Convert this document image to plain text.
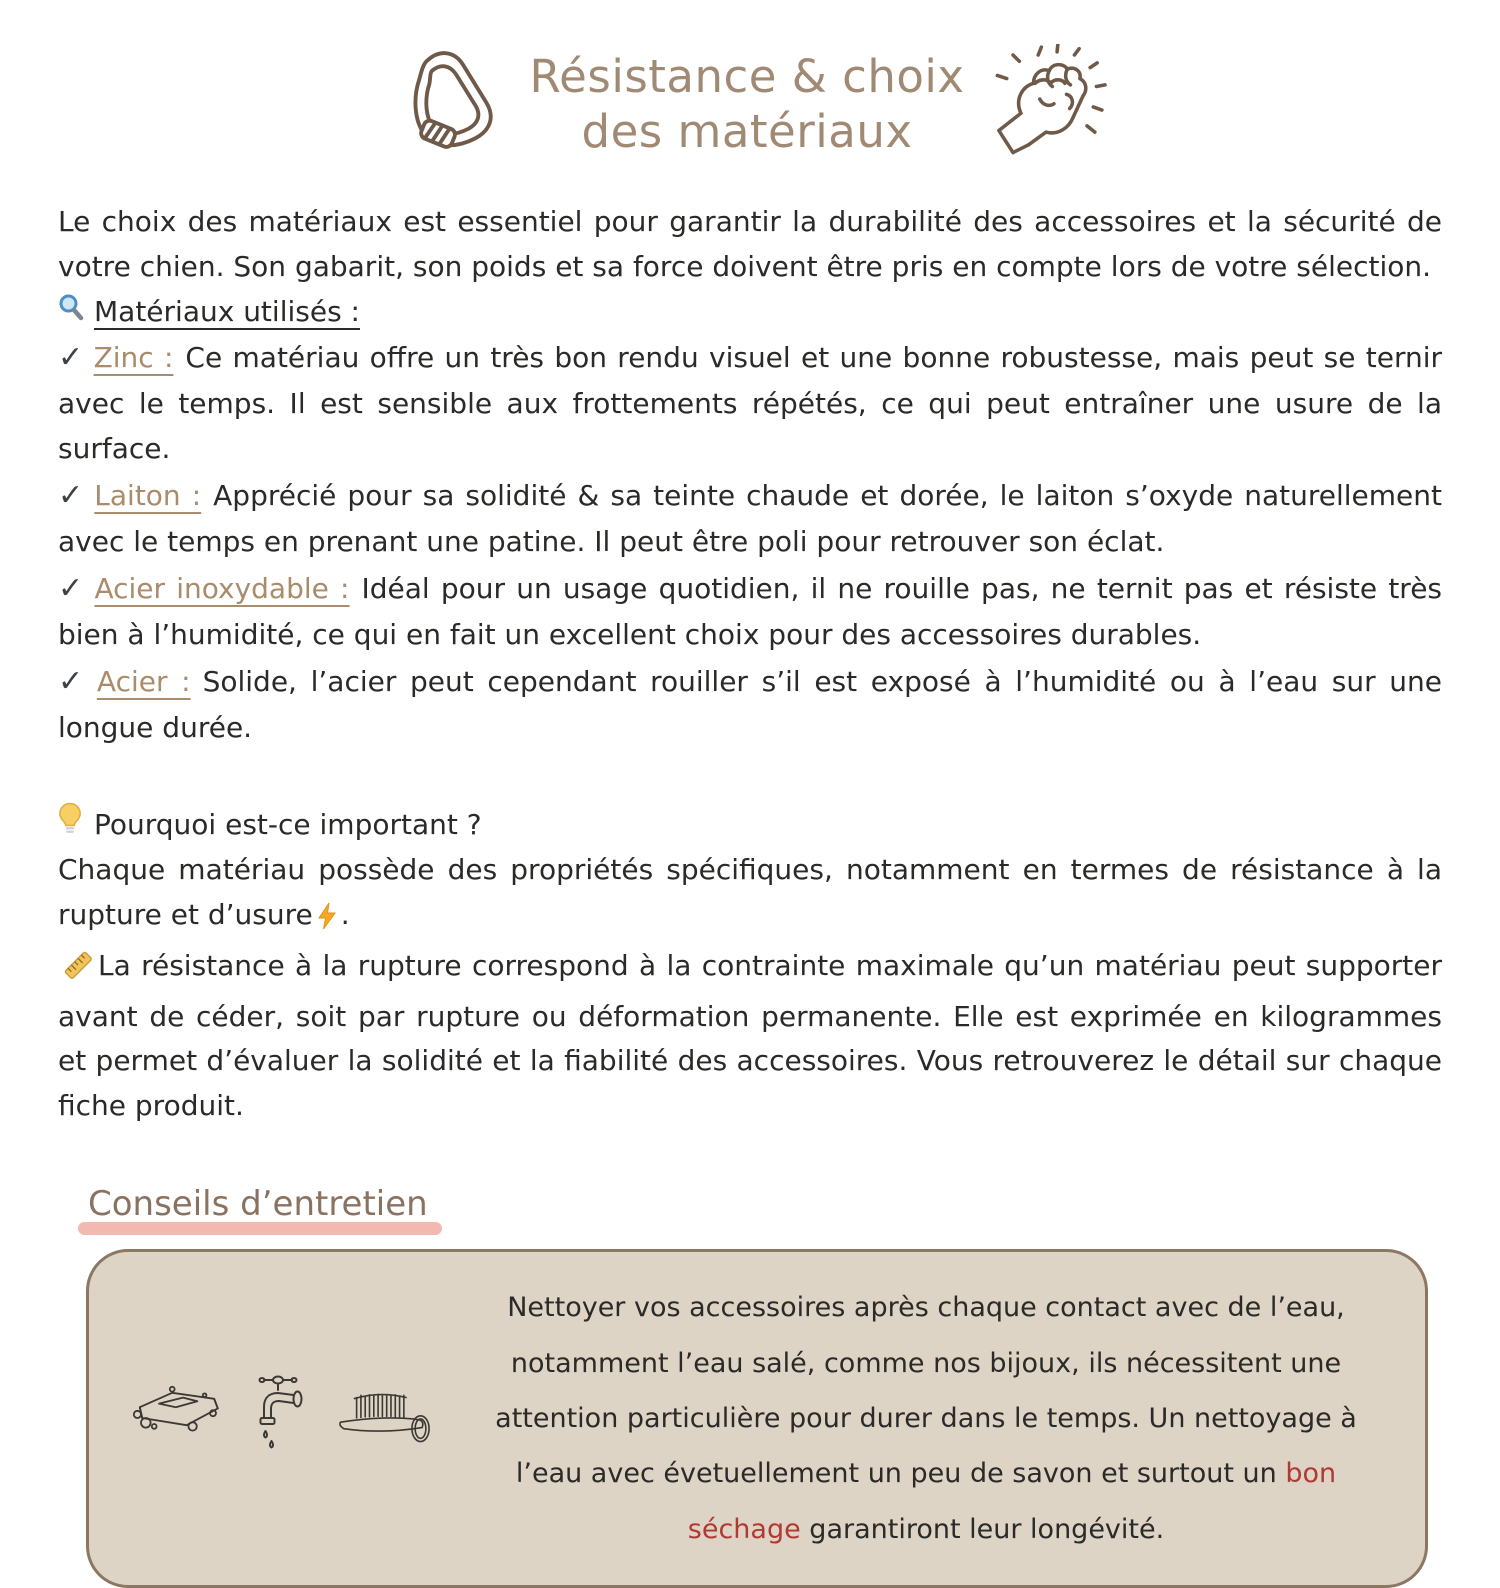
Résistance & choix
des matériaux

Le choix des matériaux est essentiel pour garantir la durabilité des accessoires et la sécurité de votre chien. Son gabarit, son poids et sa force doivent être pris en compte lors de votre sélection.

Matériaux utilisés :

✓ Zinc : Ce matériau offre un très bon rendu visuel et une bonne robustesse, mais peut se ternir avec le temps. Il est sensible aux frottements répétés, ce qui peut entraîner une usure de la surface.

✓ Laiton : Apprécié pour sa solidité & sa teinte chaude et dorée, le laiton s’oxyde naturellement avec le temps en prenant une patine. Il peut être poli pour retrouver son éclat.

✓ Acier inoxydable : Idéal pour un usage quotidien, il ne rouille pas, ne ternit pas et résiste très bien à l’humidité, ce qui en fait un excellent choix pour des accessoires durables.

✓ Acier : Solide, l’acier peut cependant rouiller s’il est exposé à l’humidité ou à l’eau sur une longue durée.

Pourquoi est-ce important ?

Chaque matériau possède des propriétés spécifiques, notamment en termes de résistance à la rupture et d’usure .

La résistance à la rupture correspond à la contrainte maximale qu’un matériau peut supporter avant de céder, soit par rupture ou déformation permanente. Elle est exprimée en kilogrammes et permet d’évaluer la solidité et la fiabilité des accessoires. Vous retrouverez le détail sur chaque fiche produit.

Conseils d’entretien
Nettoyer vos accessoires après chaque contact avec de l’eau, notamment l’eau salé, comme nos bijoux, ils nécessitent une attention particulière pour durer dans le temps. Un nettoyage à l’eau avec évetuellement un peu de savon et surtout un bon séchage garantiront leur longévité.
